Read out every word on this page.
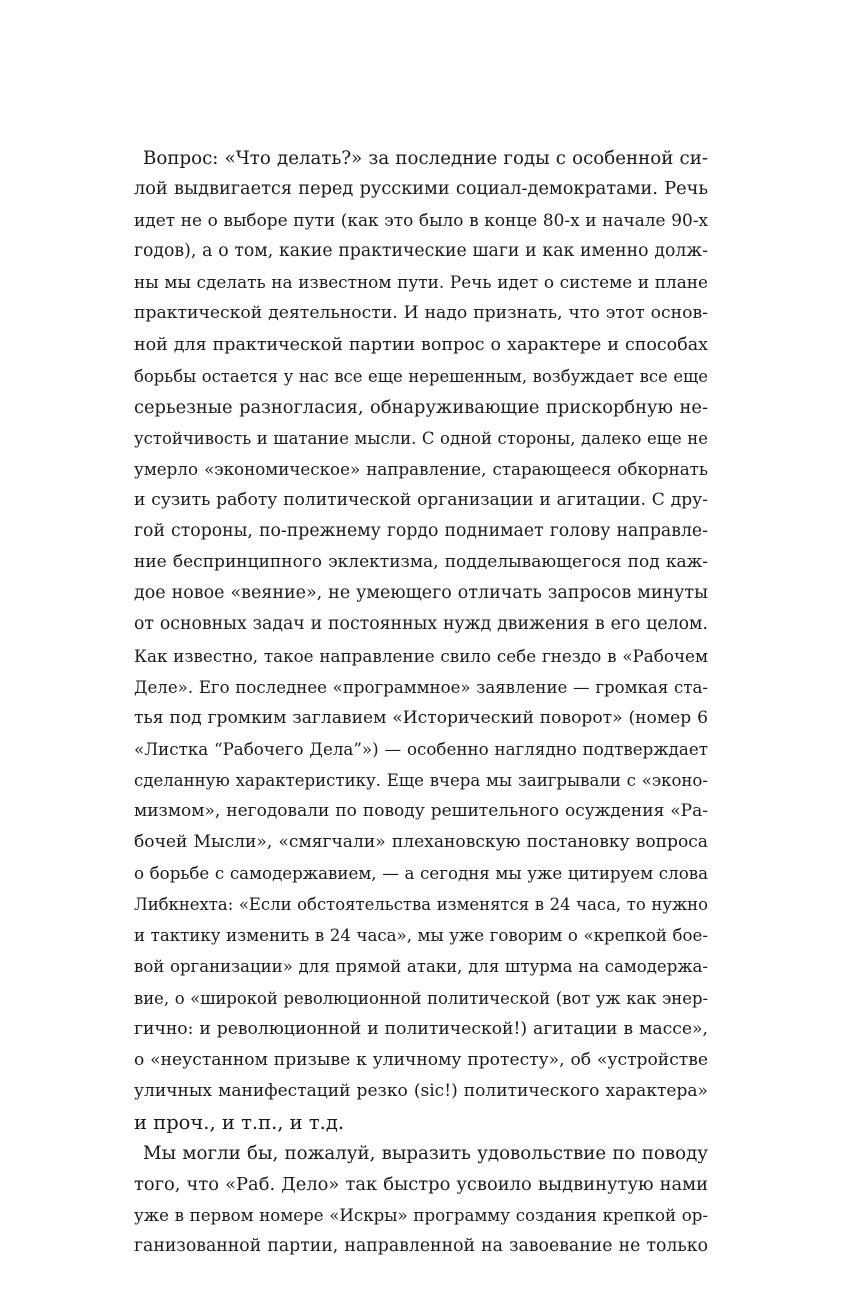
Вопрос: «Что делать?» за последние годы с особенной си-
лой выдвигается перед русскими социал-демократами. Речь
идет не о выборе пути (как это было в конце 80-х и начале 90-х
годов), а о том, какие практические шаги и как именно долж-
ны мы сделать на известном пути. Речь идет о системе и плане
практической деятельности. И надо признать, что этот основ-
ной для практической партии вопрос о характере и способах
борьбы остается у нас все еще нерешенным, возбуждает все еще
серьезные разногласия, обнаруживающие прискорбную не-
устойчивость и шатание мысли. С одной стороны, далеко еще не
умерло «экономическое» направление, старающееся обкорнать
и сузить работу политической организации и агитации. С дру-
гой стороны, по-прежнему гордо поднимает голову направле-
ние беспринципного эклектизма, подделывающегося под каж-
дое новое «веяние», не умеющего отличать запросов минуты
от основных задач и постоянных нужд движения в его целом.
Как известно, такое направление свило себе гнездо в «Рабочем
Деле». Его последнее «программное» заявление — громкая ста-
тья под громким заглавием «Исторический поворот» (номер 6
«Листка “Рабочего Дела”») — особенно наглядно подтверждает
сделанную характеристику. Еще вчера мы заигрывали с «эконо-
мизмом», негодовали по поводу решительного осуждения «Ра-
бочей Мысли», «смягчали» плехановскую постановку вопроса
о борьбе с самодержавием, — а сегодня мы уже цитируем слова
Либкнехта: «Если обстоятельства изменятся в 24 часа, то нужно
и тактику изменить в 24 часа», мы уже говорим о «крепкой бое-
вой организации» для прямой атаки, для штурма на самодержа-
вие, о «широкой революционной политической (вот уж как энер-
гично: и революционной и политической!) агитации в массе»,
о «неустанном призыве к уличному протесту», об «устройстве
уличных манифестаций резко (sic!) политического характера»
и проч., и т.п., и т.д.

Мы могли бы, пожалуй, выразить удовольствие по поводу
того, что «Раб. Дело» так быстро усвоило выдвинутую нами
уже в первом номере «Искры» программу создания крепкой ор-
ганизованной партии, направленной на завоевание не только
